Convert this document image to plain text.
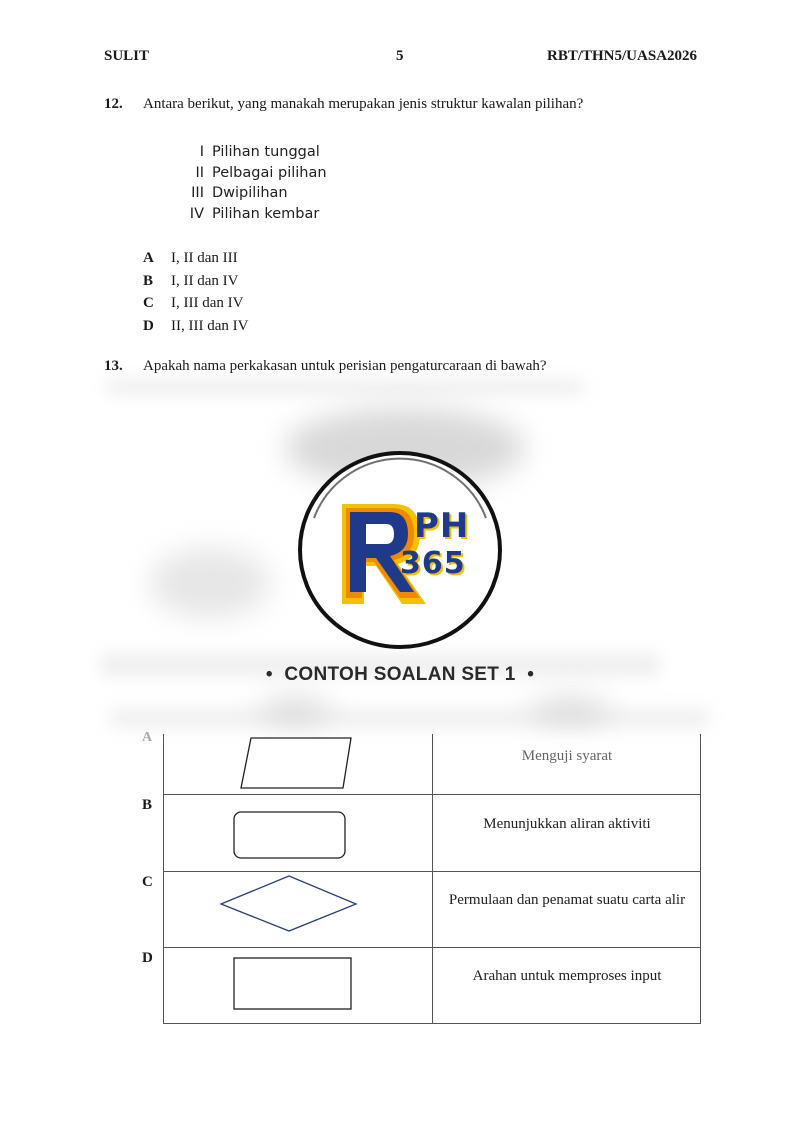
SULIT	5	RBT/THN5/UASA2026
12. Antara berikut, yang manakah merupakan jenis struktur kawalan pilihan?
I Pilihan tunggal
II Pelbagai pilihan
III Dwipilihan
IV Pilihan kembar
A I, II dan III
B I, II dan IV
C I, III dan IV
D II, III dan IV
13. Apakah nama perkakasan untuk perisian pengaturcaraan di bawah?
PH
365
• CONTOH SOALAN SET 1 •
A
B
C
D
Menguji syarat
Menunjukkan aliran aktiviti
Permulaan dan penamat suatu carta alir
Arahan untuk memproses input
